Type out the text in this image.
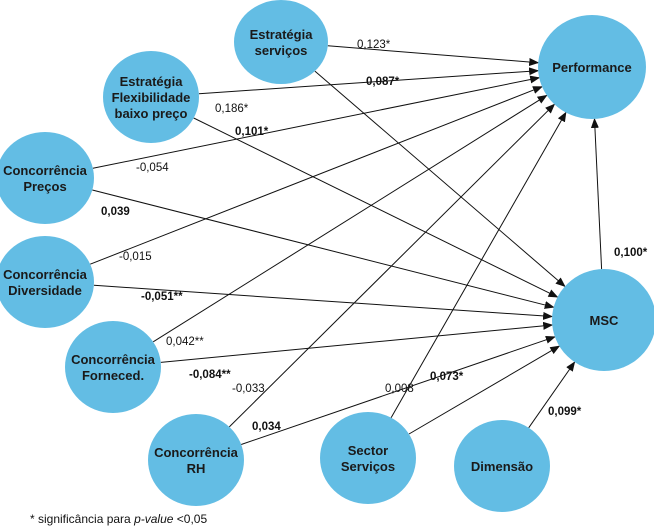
Estratégia serviços
Estratégia Flexibilidade baixo preço
Concorrência Preços
Concorrência Diversidade
Concorrência Forneced.
Concorrência RH
Sector Serviços	Dimensão
Performance
MSC
0,123*
0,087*
0,186*
0,101*
-0,054
0,039
-0,015
-0,051**
0,042**
-0,084**
-0,033
0,034
0,008
0,073*
0,099*
0,100*
* significância para p-value <0,05
